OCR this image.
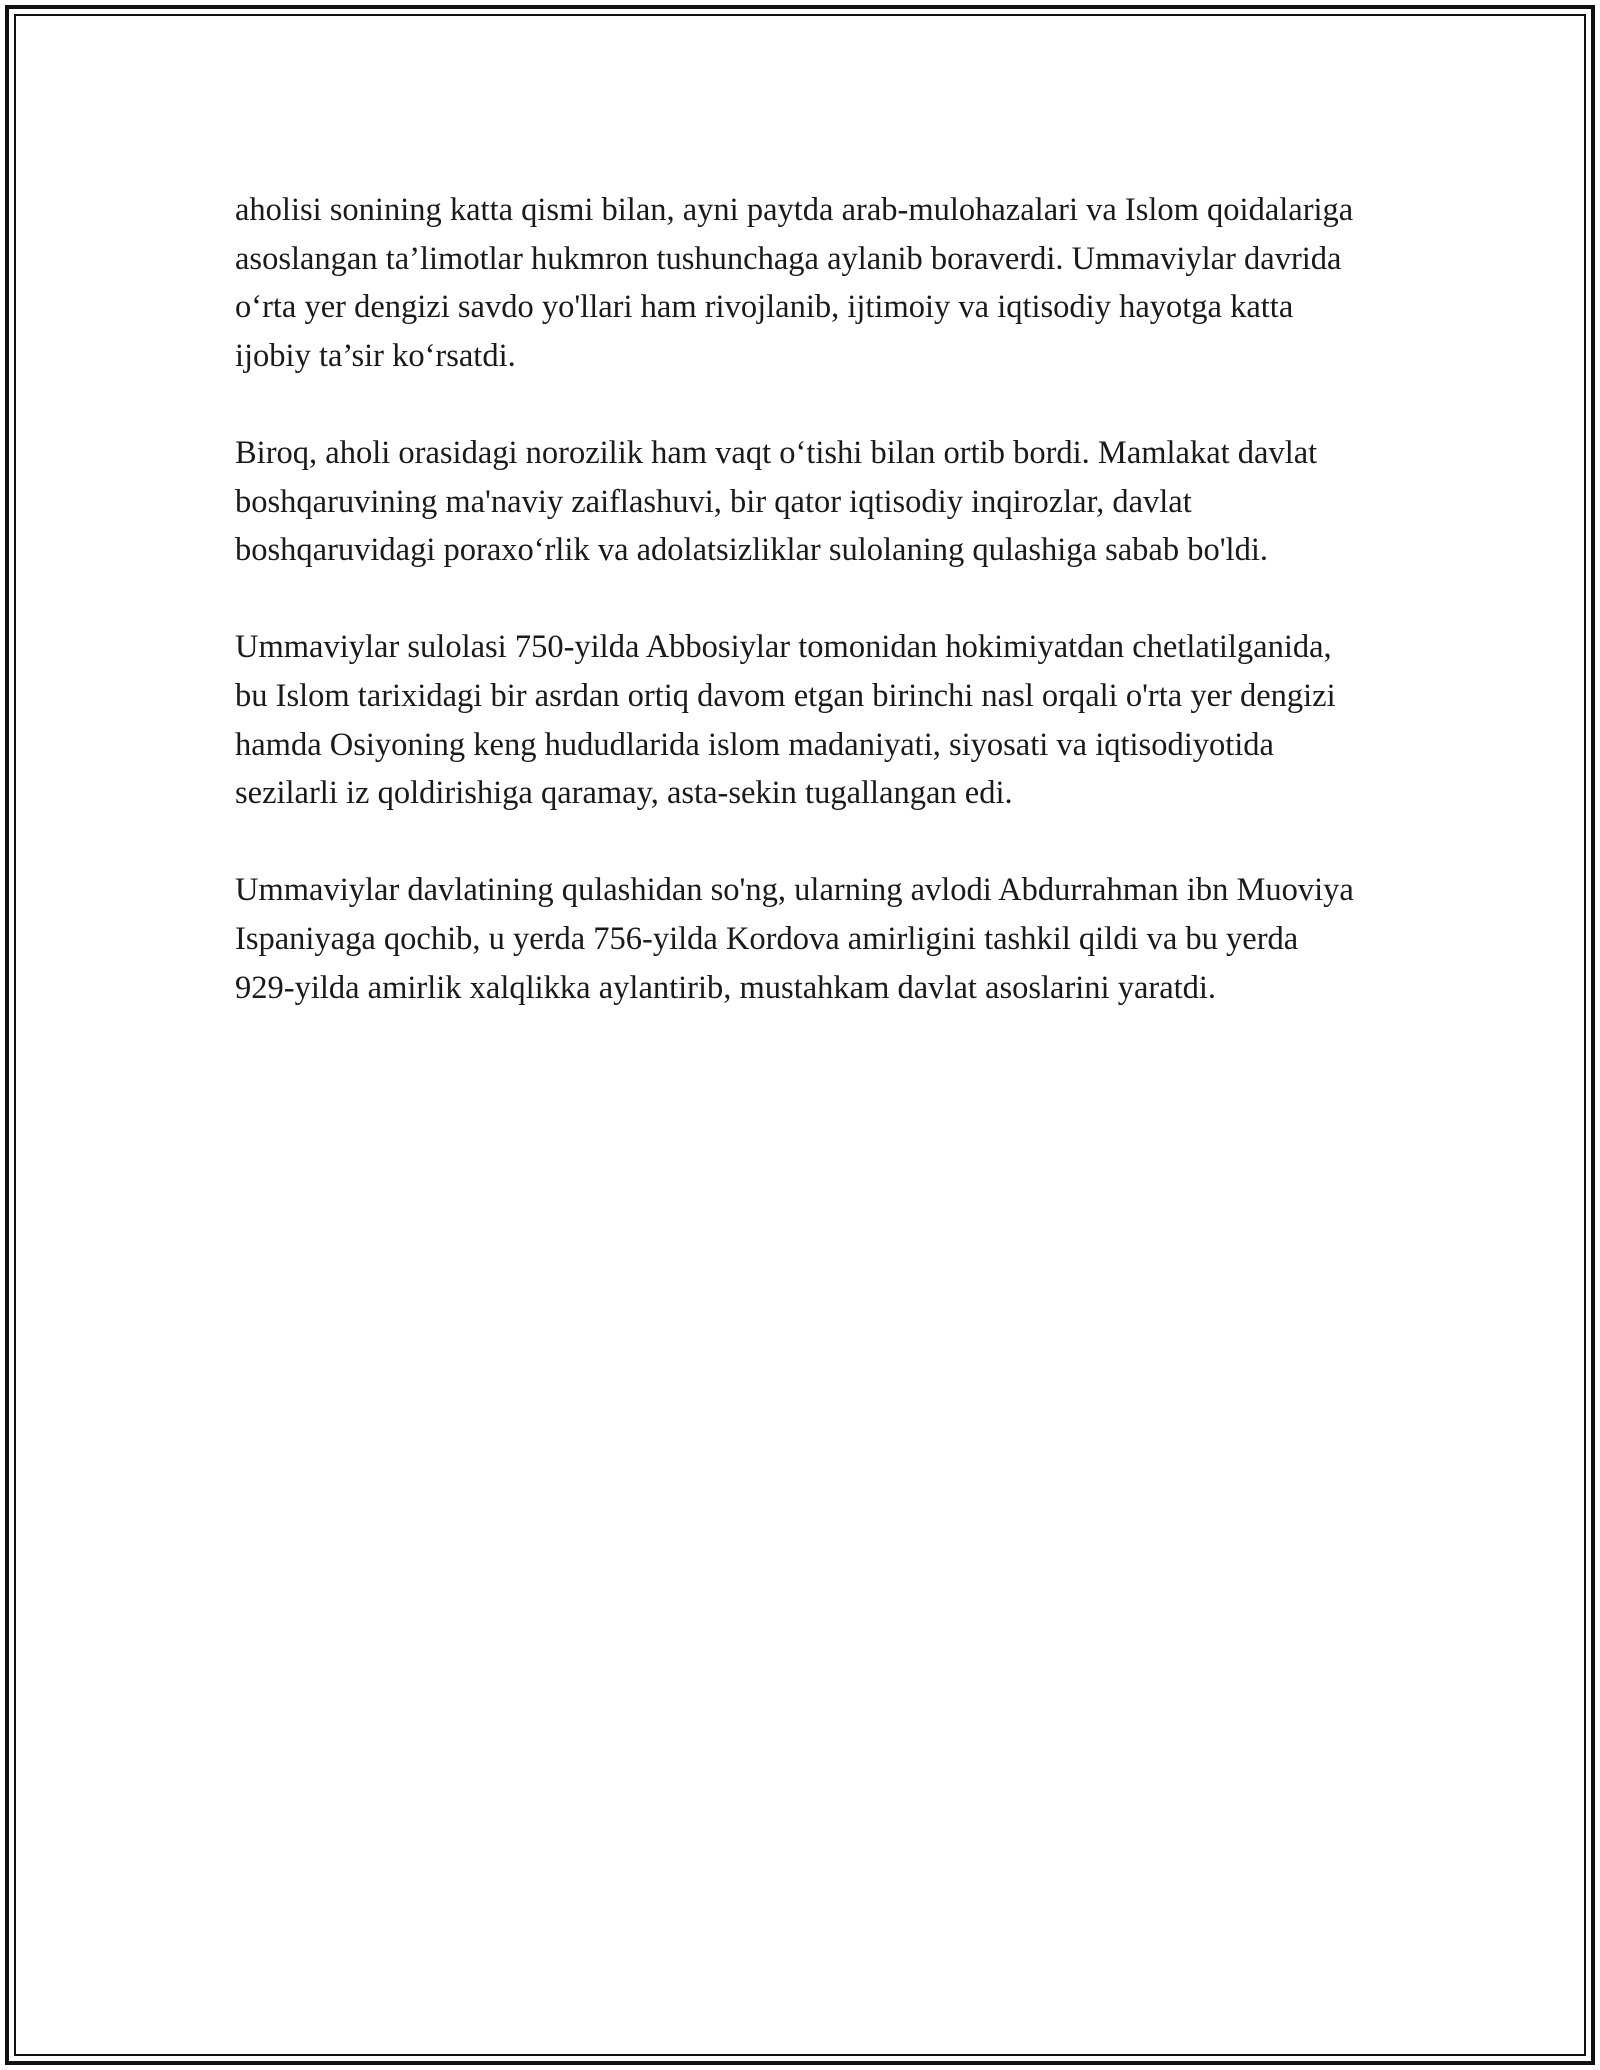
aholisi sonining katta qismi bilan, ayni paytda arab-mulohazalari va Islom qoidalariga asoslangan ta’limotlar hukmron tushunchaga aylanib boraverdi. Ummaviylar davrida o‘rta yer dengizi savdo yo'llari ham rivojlanib, ijtimoiy va iqtisodiy hayotga katta ijobiy ta’sir ko‘rsatdi.

Biroq, aholi orasidagi norozilik ham vaqt o‘tishi bilan ortib bordi. Mamlakat davlat boshqaruvining ma'naviy zaiflashuvi, bir qator iqtisodiy inqirozlar, davlat boshqaruvidagi poraxo‘rlik va adolatsizliklar sulolaning qulashiga sabab bo'ldi.

Ummaviylar sulolasi 750-yilda Abbosiylar tomonidan hokimiyatdan chetlatilganida, bu Islom tarixidagi bir asrdan ortiq davom etgan birinchi nasl orqali o'rta yer dengizi hamda Osiyoning keng hududlarida islom madaniyati, siyosati va iqtisodiyotida sezilarli iz qoldirishiga qaramay, asta-sekin tugallangan edi.

Ummaviylar davlatining qulashidan so'ng, ularning avlodi Abdurrahman ibn Muoviya Ispaniyaga qochib, u yerda 756-yilda Kordova amirligini tashkil qildi va bu yerda 929-yilda amirlik xalqlikka aylantirib, mustahkam davlat asoslarini yaratdi.
